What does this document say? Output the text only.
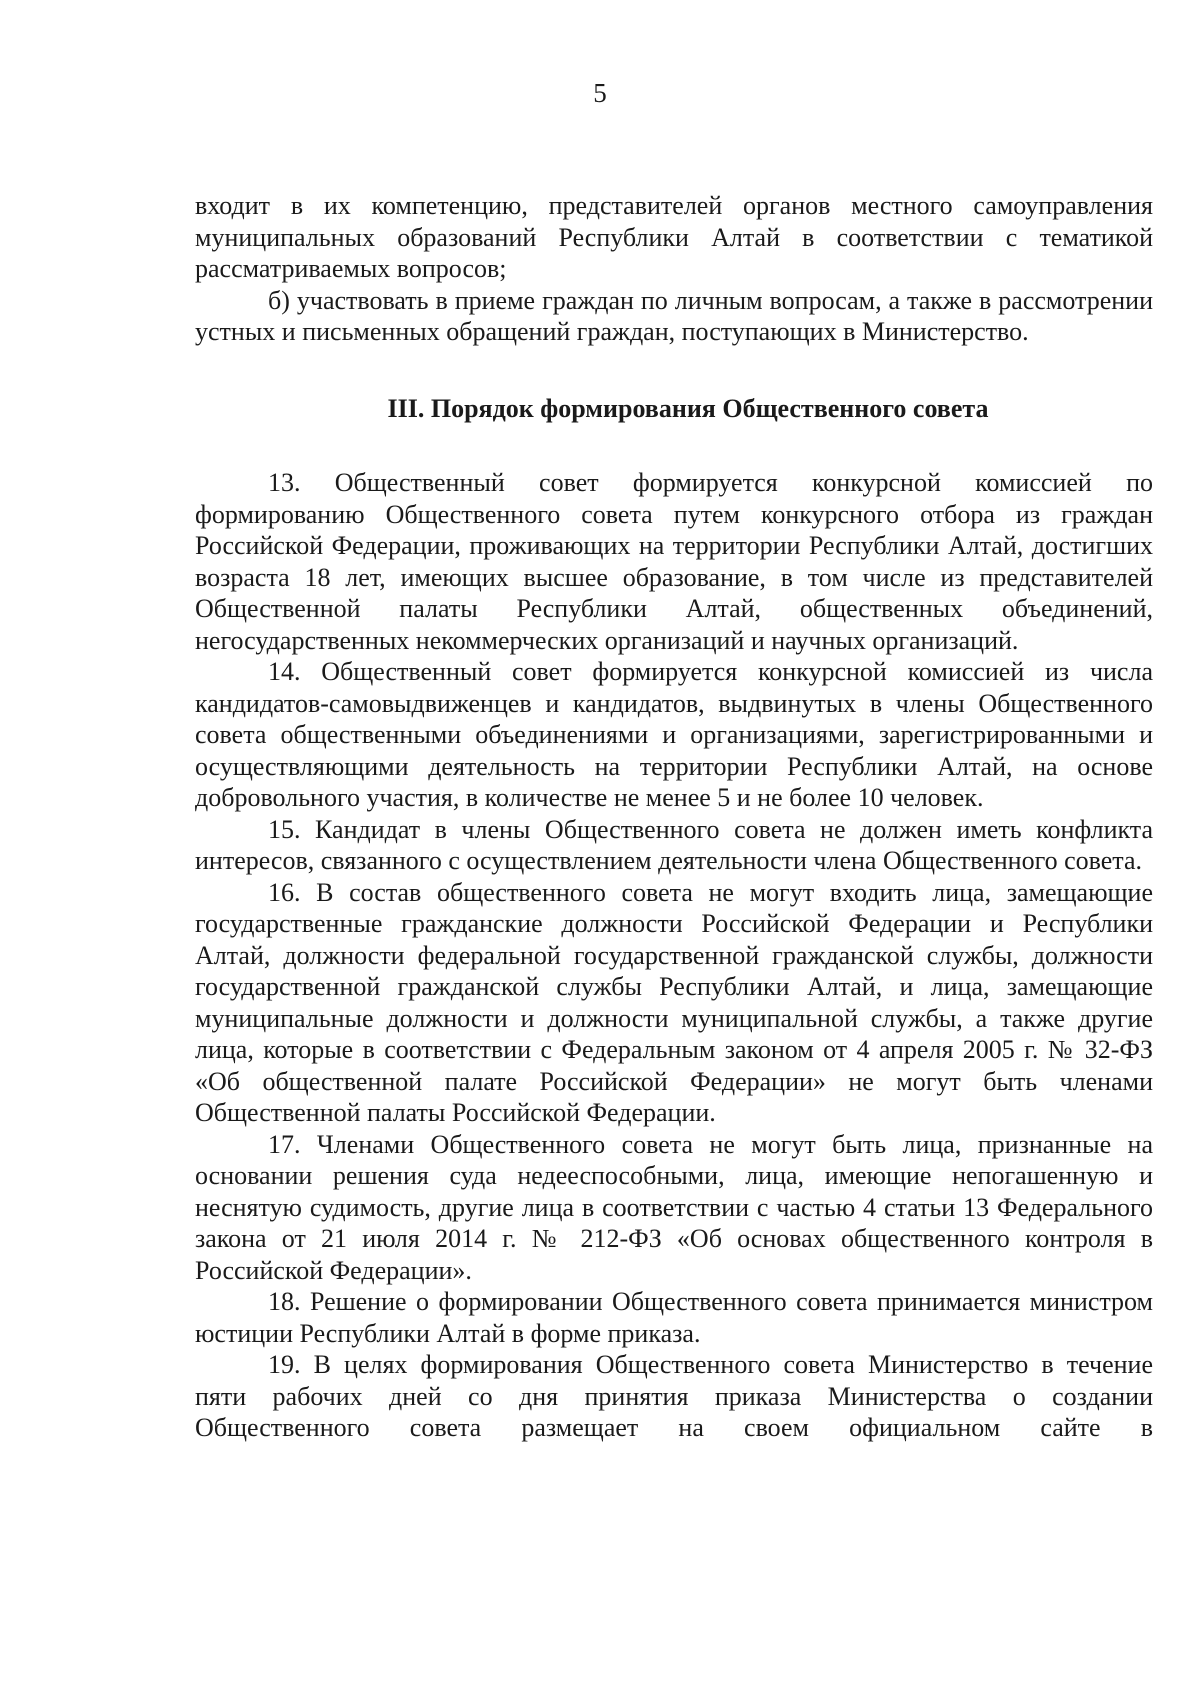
5

входит в их компетенцию, представителей органов местного самоуправления муниципальных образований Республики Алтай в соответствии с тематикой рассматриваемых вопросов;

б) участвовать в приеме граждан по личным вопросам, а также в рассмотрении устных и письменных обращений граждан, поступающих в Министерство.

III. Порядок формирования Общественного совета

13. Общественный совет формируется конкурсной комиссией по формированию Общественного совета путем конкурсного отбора из граждан Российской Федерации, проживающих на территории Республики Алтай, достигших возраста 18 лет, имеющих высшее образование, в том числе из представителей Общественной палаты Республики Алтай, общественных объединений, негосударственных некоммерческих организаций и научных организаций.

14. Общественный совет формируется конкурсной комиссией из числа кандидатов-самовыдвиженцев и кандидатов, выдвинутых в члены Общественного совета общественными объединениями и организациями, зарегистрированными и осуществляющими деятельность на территории Республики Алтай, на основе добровольного участия, в количестве не менее 5 и не более 10 человек.

15. Кандидат в члены Общественного совета не должен иметь конфликта интересов, связанного с осуществлением деятельности члена Общественного совета.

16. В состав общественного совета не могут входить лица, замещающие государственные гражданские должности Российской Федерации и Республики Алтай, должности федеральной государственной гражданской службы, должности государственной гражданской службы Республики Алтай, и лица, замещающие муниципальные должности и должности муниципальной службы, а также другие лица, которые в соответствии с Федеральным законом от 4 апреля 2005 г. № 32-ФЗ «Об общественной палате Российской Федерации» не могут быть членами Общественной палаты Российской Федерации.

17. Членами Общественного совета не могут быть лица, признанные на основании решения суда недееспособными, лица, имеющие непогашенную и неснятую судимость, другие лица в соответствии с частью 4 статьи 13 Федерального закона от 21 июля 2014 г. № 212-ФЗ «Об основах общественного контроля в Российской Федерации».

18. Решение о формировании Общественного совета принимается министром юстиции Республики Алтай в форме приказа.

19. В целях формирования Общественного совета Министерство в течение пяти рабочих дней со дня принятия приказа Министерства о создании Общественного совета размещает на своем официальном сайте в
